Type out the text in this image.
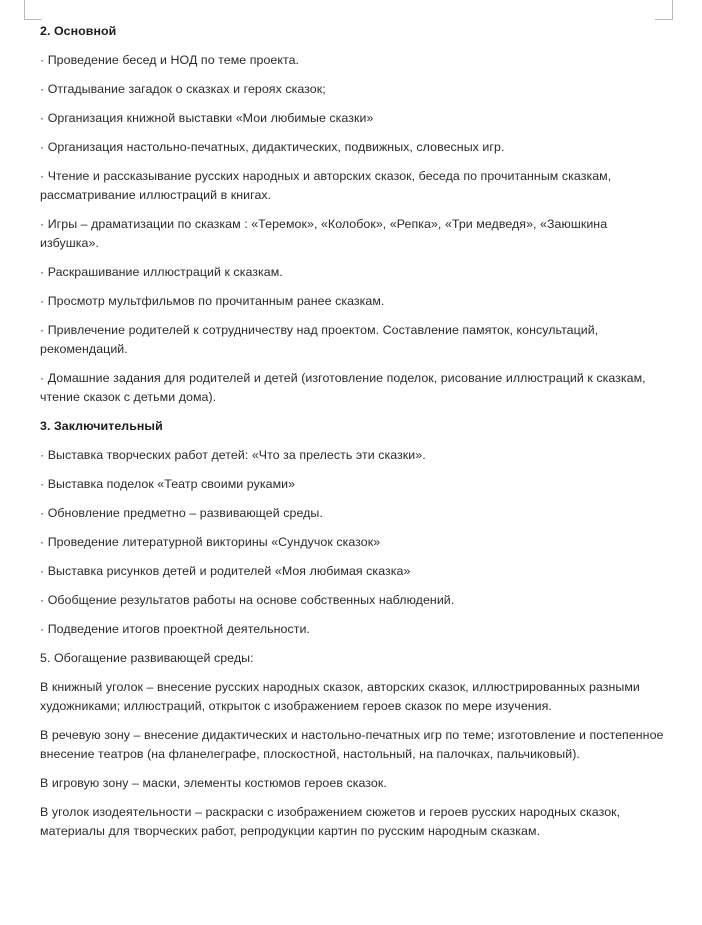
2. Основной

· Проведение бесед и НОД по теме проекта.

· Отгадывание загадок о сказках и героях сказок;

· Организация книжной выставки «Мои любимые сказки»

· Организация настольно-печатных, дидактических, подвижных, словесных игр.

· Чтение и рассказывание русских народных и авторских сказок, беседа по прочитанным сказкам, рассматривание иллюстраций в книгах.

· Игры – драматизации по сказкам : «Теремок», «Колобок», «Репка», «Три медведя», «Заюшкина избушка».

· Раскрашивание иллюстраций к сказкам.

· Просмотр мультфильмов по прочитанным ранее сказкам.

· Привлечение родителей к сотрудничеству над проектом. Составление памяток, консультаций, рекомендаций.

· Домашние задания для родителей и детей (изготовление поделок, рисование иллюстраций к сказкам, чтение сказок с детьми дома).

3. Заключительный

· Выставка творческих работ детей: «Что за прелесть эти сказки».

· Выставка поделок «Театр своими руками»

· Обновление предметно – развивающей среды.

· Проведение литературной викторины «Сундучок сказок»

· Выставка рисунков детей и родителей «Моя любимая сказка»

· Обобщение результатов работы на основе собственных наблюдений.

· Подведение итогов проектной деятельности.

5. Обогащение развивающей среды:

В книжный уголок – внесение русских народных сказок, авторских сказок, иллюстрированных разными художниками; иллюстраций, открыток с изображением героев сказок по мере изучения.

В речевую зону – внесение дидактических и настольно-печатных игр по теме; изготовление и постепенное внесение театров (на фланелеграфе, плоскостной, настольный, на палочках, пальчиковый).

В игровую зону – маски, элементы костюмов героев сказок.

В уголок изодеятельности – раскраски с изображением сюжетов и героев русских народных сказок, материалы для творческих работ, репродукции картин по русским народным сказкам.
